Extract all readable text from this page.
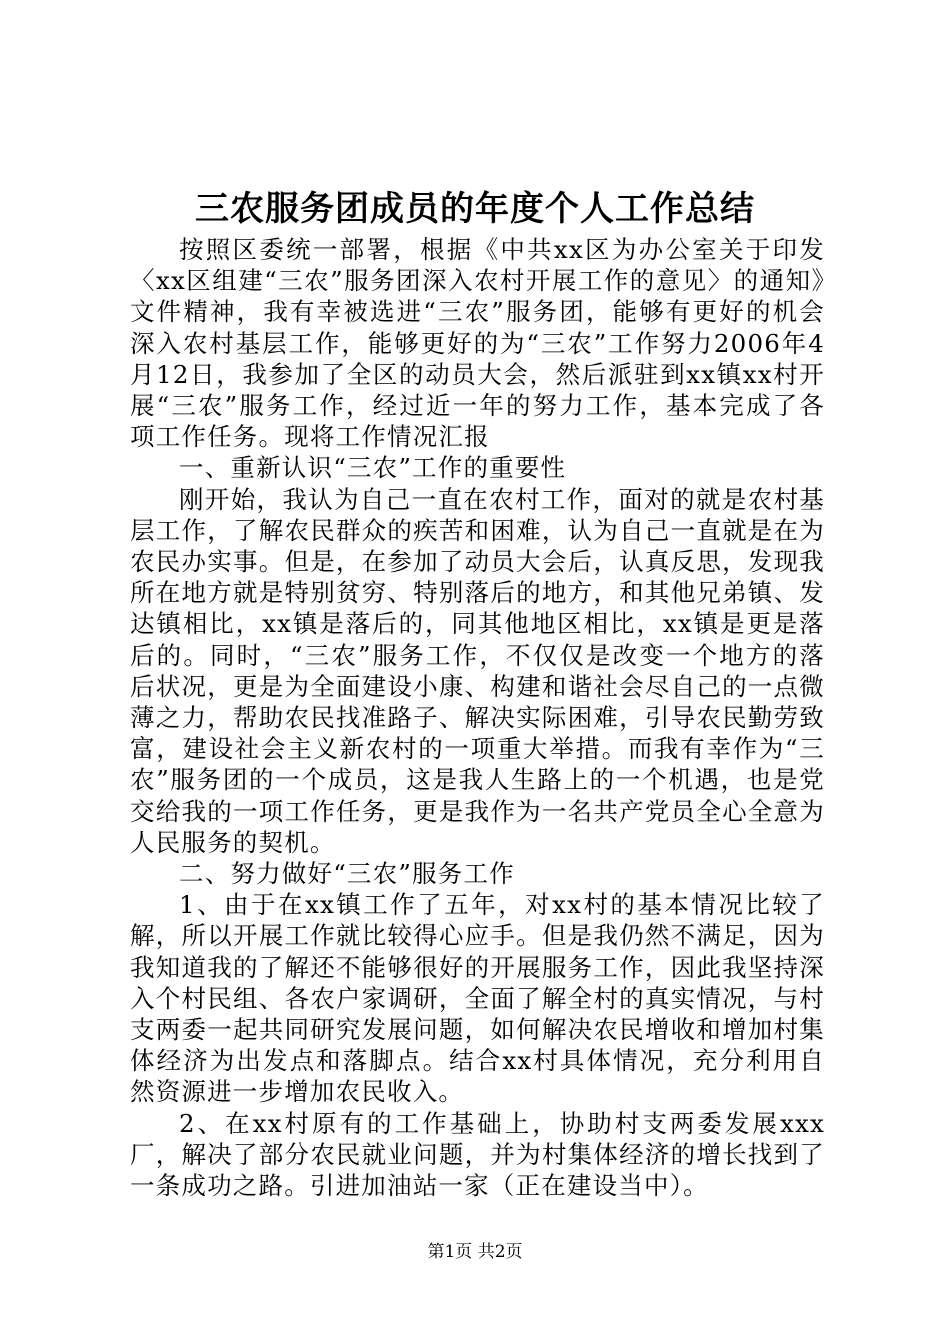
三农服务团成员的年度个人工作总结

按照区委统一部署，根据《中共xx区为办公室关于印发〈xx区组建“三农”服务团深入农村开展工作的意见〉的通知》文件精神，我有幸被选进“三农”服务团，能够有更好的机会深入农村基层工作，能够更好的为“三农”工作努力2006年4月12日，我参加了全区的动员大会，然后派驻到xx镇xx村开展“三农”服务工作，经过近一年的努力工作，基本完成了各项工作任务。现将工作情况汇报

一、重新认识“三农”工作的重要性

刚开始，我认为自己一直在农村工作，面对的就是农村基层工作，了解农民群众的疾苦和困难，认为自己一直就是在为农民办实事。但是，在参加了动员大会后，认真反思，发现我所在地方就是特别贫穷、特别落后的地方，和其他兄弟镇、发达镇相比，xx镇是落后的，同其他地区相比，xx镇是更是落后的。同时，“三农”服务工作，不仅仅是改变一个地方的落后状况，更是为全面建设小康、构建和谐社会尽自己的一点微薄之力，帮助农民找准路子、解决实际困难，引导农民勤劳致富，建设社会主义新农村的一项重大举措。而我有幸作为“三农”服务团的一个成员，这是我人生路上的一个机遇，也是党交给我的一项工作任务，更是我作为一名共产党员全心全意为人民服务的契机。

二、努力做好“三农”服务工作

1、由于在xx镇工作了五年，对xx村的基本情况比较了解，所以开展工作就比较得心应手。但是我仍然不满足，因为我知道我的了解还不能够很好的开展服务工作，因此我坚持深入个村民组、各农户家调研，全面了解全村的真实情况，与村支两委一起共同研究发展问题，如何解决农民增收和增加村集体经济为出发点和落脚点。结合xx村具体情况，充分利用自然资源进一步增加农民收入。

2、在xx村原有的工作基础上，协助村支两委发展xxx厂，解决了部分农民就业问题，并为村集体经济的增长找到了一条成功之路。引进加油站一家（正在建设当中）。

第1页 共2页
